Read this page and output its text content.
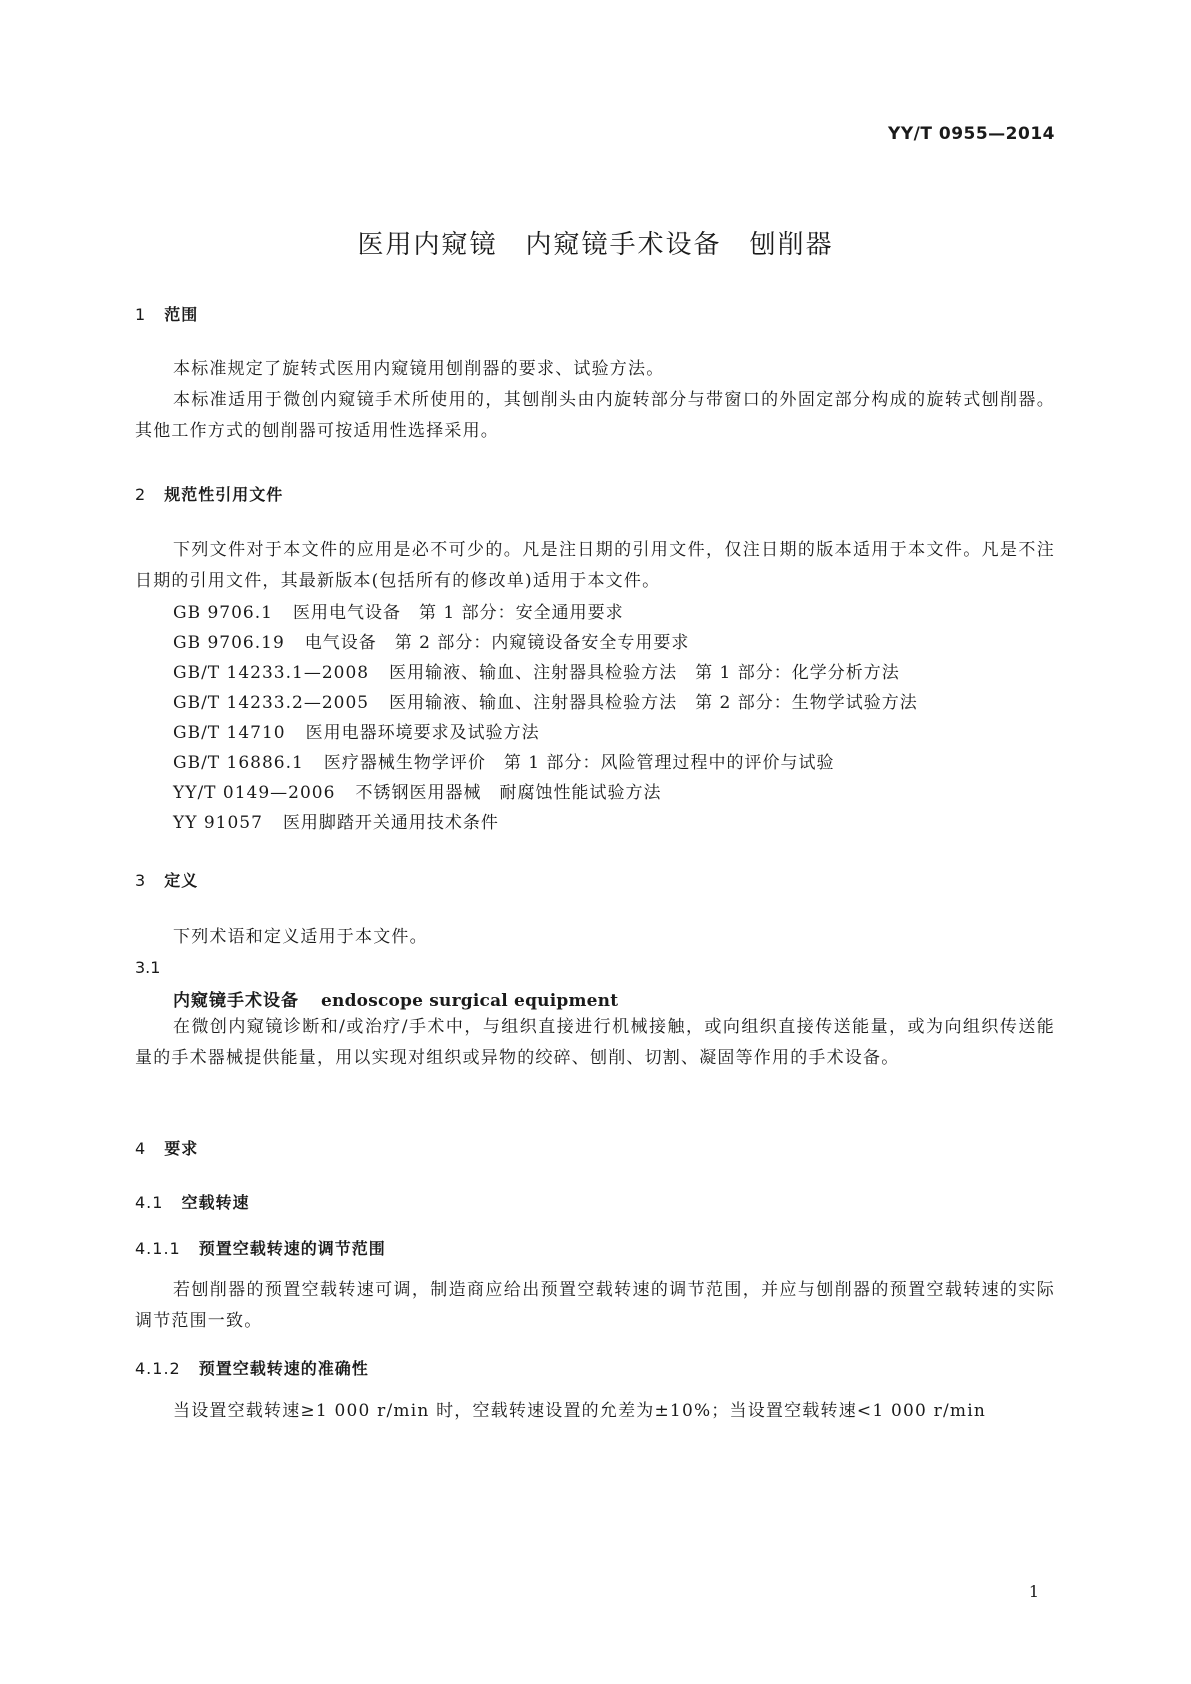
YY/T 0955—2014
医用内窥镜　内窥镜手术设备　刨削器
1 范围
本标准规定了旋转式医用内窥镜用刨削器的要求、试验方法。
本标准适用于微创内窥镜手术所使用的，其刨削头由内旋转部分与带窗口的外固定部分构成的旋转式刨削器。其他工作方式的刨削器可按适用性选择采用。
2 规范性引用文件
下列文件对于本文件的应用是必不可少的。凡是注日期的引用文件，仅注日期的版本适用于本文件。凡是不注日期的引用文件，其最新版本(包括所有的修改单)适用于本文件。
GB 9706.1 医用电气设备　第 1 部分：安全通用要求
GB 9706.19 电气设备　第 2 部分：内窥镜设备安全专用要求
GB/T 14233.1—2008 医用输液、输血、注射器具检验方法　第 1 部分：化学分析方法
GB/T 14233.2—2005 医用输液、输血、注射器具检验方法　第 2 部分：生物学试验方法
GB/T 14710 医用电器环境要求及试验方法
GB/T 16886.1 医疗器械生物学评价　第 1 部分：风险管理过程中的评价与试验
YY/T 0149—2006 不锈钢医用器械　耐腐蚀性能试验方法
YY 91057 医用脚踏开关通用技术条件
3 定义
下列术语和定义适用于本文件。
3.1
内窥镜手术设备 endoscope surgical equipment
在微创内窥镜诊断和/或治疗/手术中，与组织直接进行机械接触，或向组织直接传送能量，或为向组织传送能量的手术器械提供能量，用以实现对组织或异物的绞碎、刨削、切割、凝固等作用的手术设备。
4 要求
4.1 空载转速
4.1.1 预置空载转速的调节范围
若刨削器的预置空载转速可调，制造商应给出预置空载转速的调节范围，并应与刨削器的预置空载转速的实际调节范围一致。
4.1.2 预置空载转速的准确性
当设置空载转速≥1 000 r/min 时，空载转速设置的允差为±10%；当设置空载转速<1 000 r/min
1
